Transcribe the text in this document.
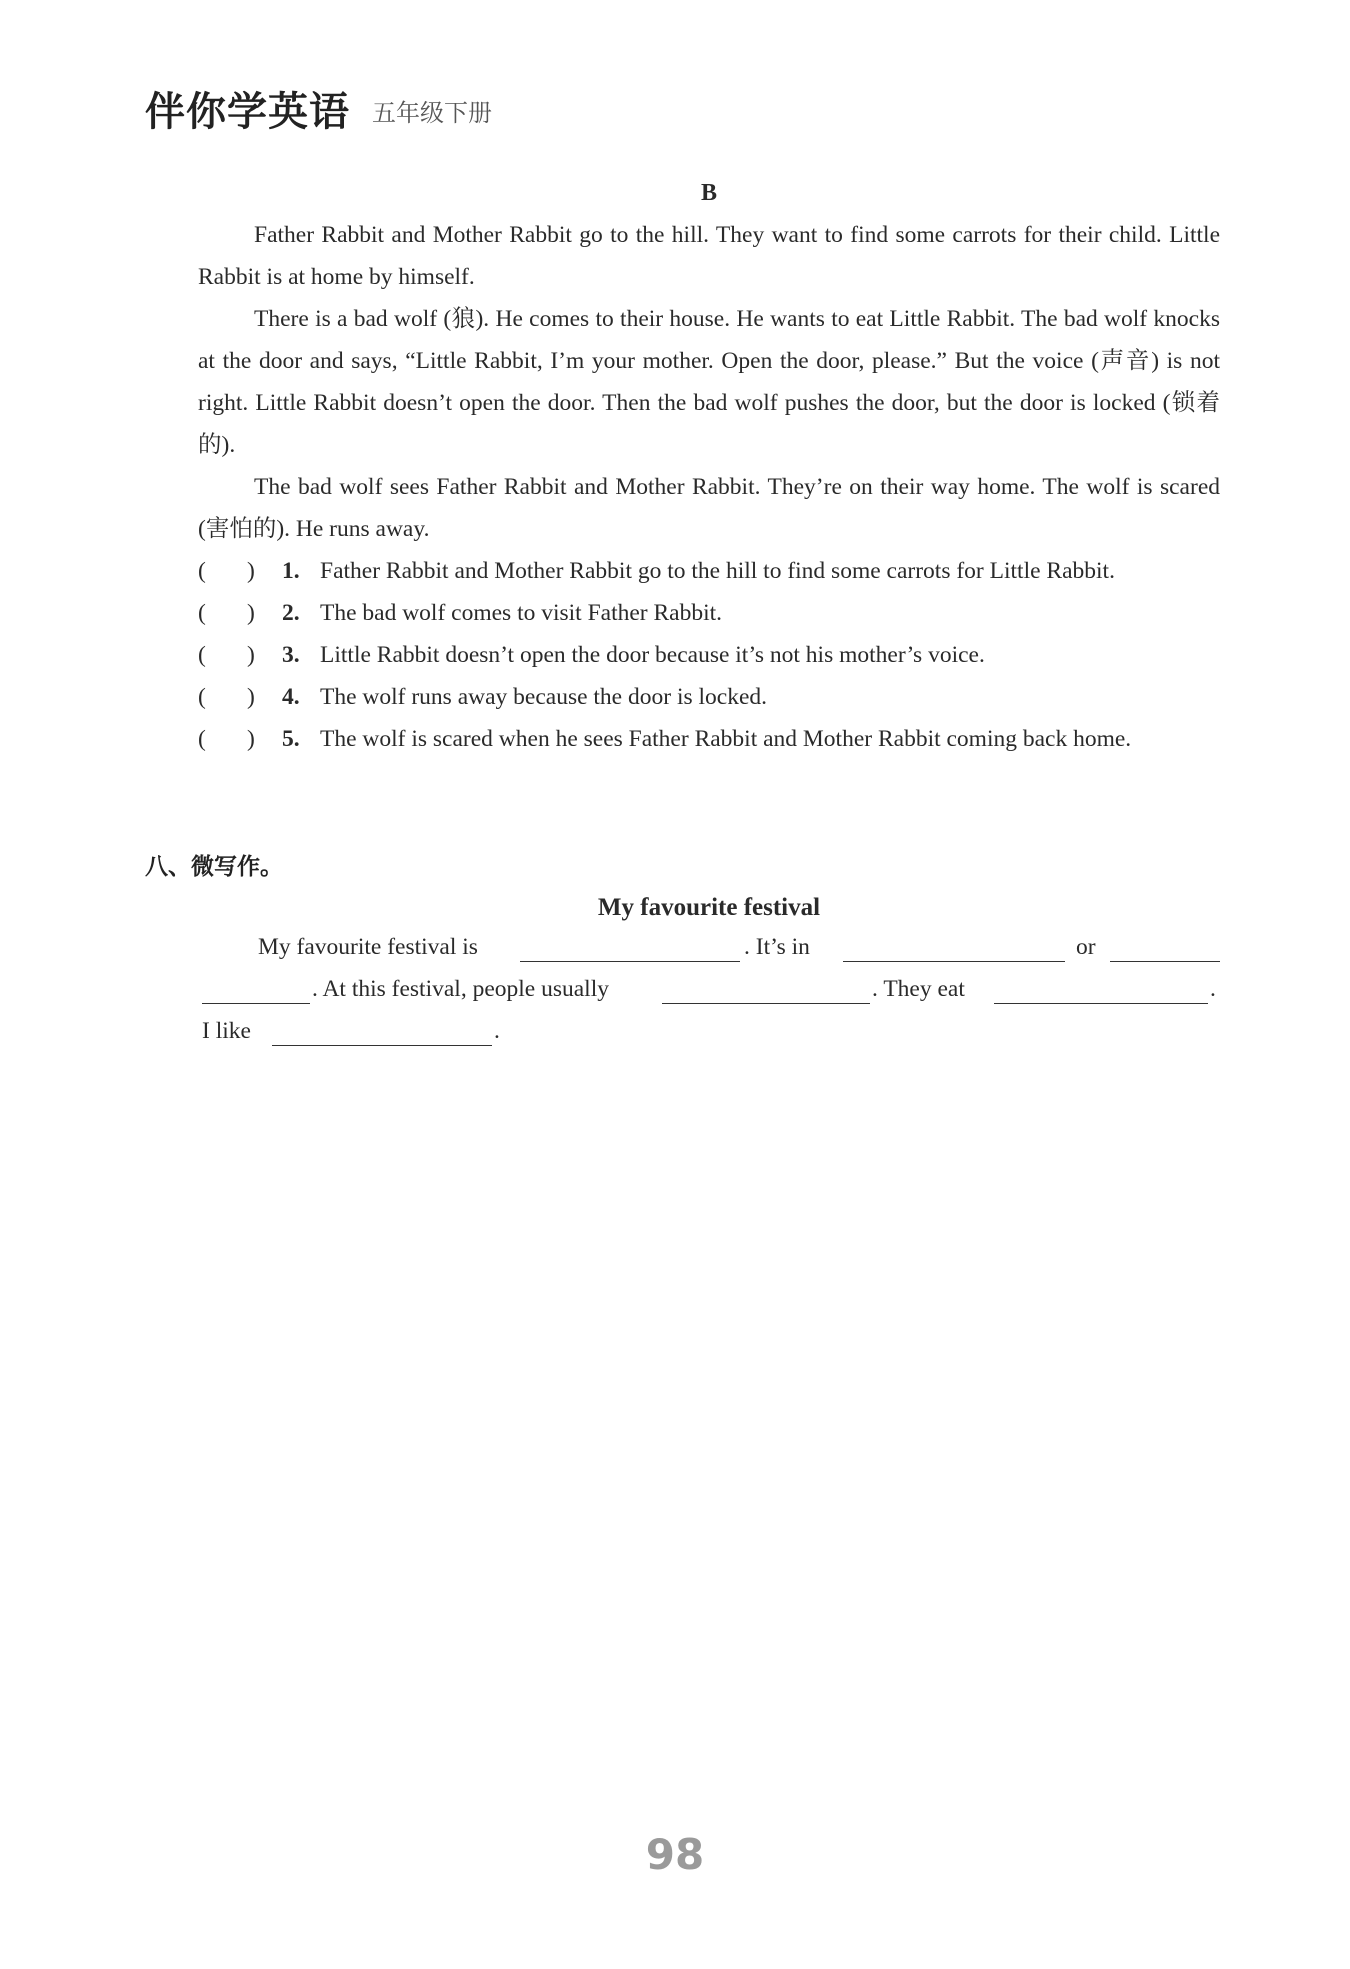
伴你学英语 五年级下册
B

Father Rabbit and Mother Rabbit go to the hill. They want to find some carrots for their child. Little Rabbit is at home by himself.

There is a bad wolf (狼). He comes to their house. He wants to eat Little Rabbit. The bad wolf knocks at the door and says, “Little Rabbit, I’m your mother. Open the door, please.” But the voice (声音) is not right. Little Rabbit doesn’t open the door. Then the bad wolf pushes the door, but the door is locked (锁着的).

The bad wolf sees Father Rabbit and Mother Rabbit. They’re on their way home. The wolf is scared (害怕的). He runs away.

(       )	1. Father Rabbit and Mother Rabbit go to the hill to find some carrots for Little Rabbit.
(       )	2. The bad wolf comes to visit Father Rabbit.
(       )	3. Little Rabbit doesn’t open the door because it’s not his mother’s voice.
(       )	4. The wolf runs away because the door is locked.
(       )	5. The wolf is scared when he sees Father Rabbit and Mother Rabbit coming back home.
八、微写作。
My favourite festival
My favourite festival is	. It’s in	or
. At this festival, people usually	. They eat	.
I like	.
98
